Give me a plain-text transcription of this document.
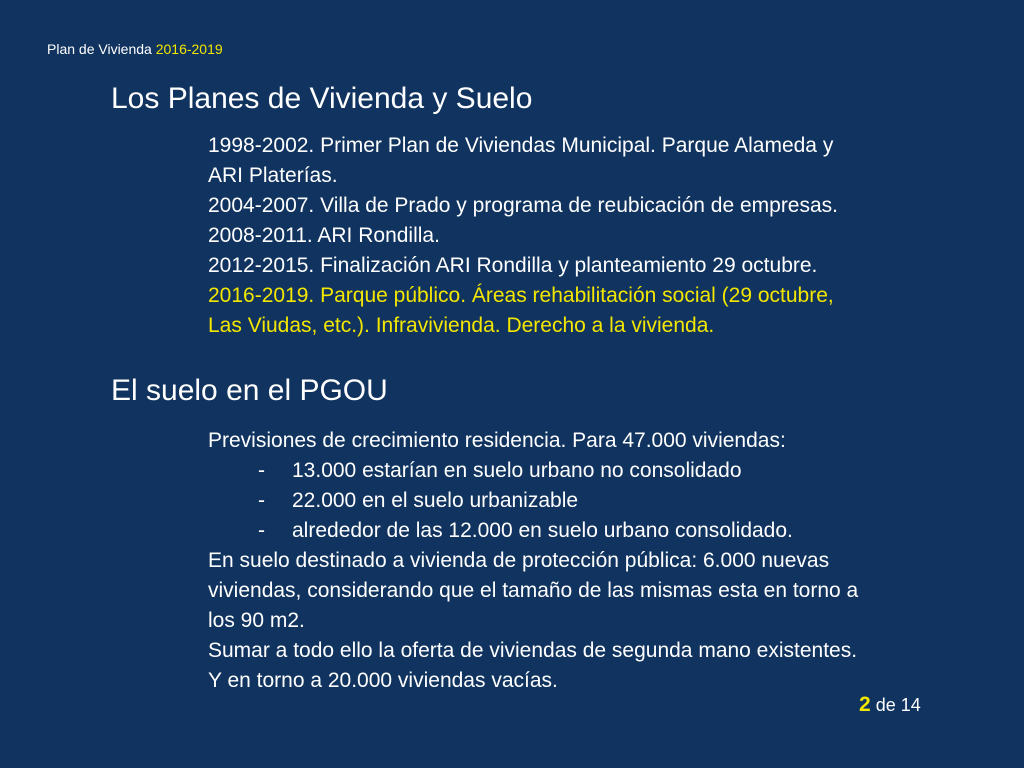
Plan de Vivienda 2016-2019
Los Planes de Vivienda y Suelo
1998-2002. Primer Plan de Viviendas Municipal. Parque Alameda y
ARI Platerías.
2004-2007. Villa de Prado y programa de reubicación de empresas.
2008-2011. ARI Rondilla.
2012-2015. Finalización ARI Rondilla y planteamiento 29 octubre.
2016-2019. Parque público. Áreas rehabilitación social (29 octubre,
Las Viudas, etc.). Infravivienda. Derecho a la vivienda.
El suelo en el PGOU
Previsiones de crecimiento residencia. Para 47.000 viviendas:
-	13.000 estarían en suelo urbano no consolidado
-	22.000 en el suelo urbanizable
-	alrededor de las 12.000 en suelo urbano consolidado.
En suelo destinado a vivienda de protección pública: 6.000 nuevas
viviendas, considerando que el tamaño de las mismas esta en torno a
los 90 m2.
Sumar a todo ello la oferta de viviendas de segunda mano existentes.
Y en torno a 20.000 viviendas vacías.
2 de 14
